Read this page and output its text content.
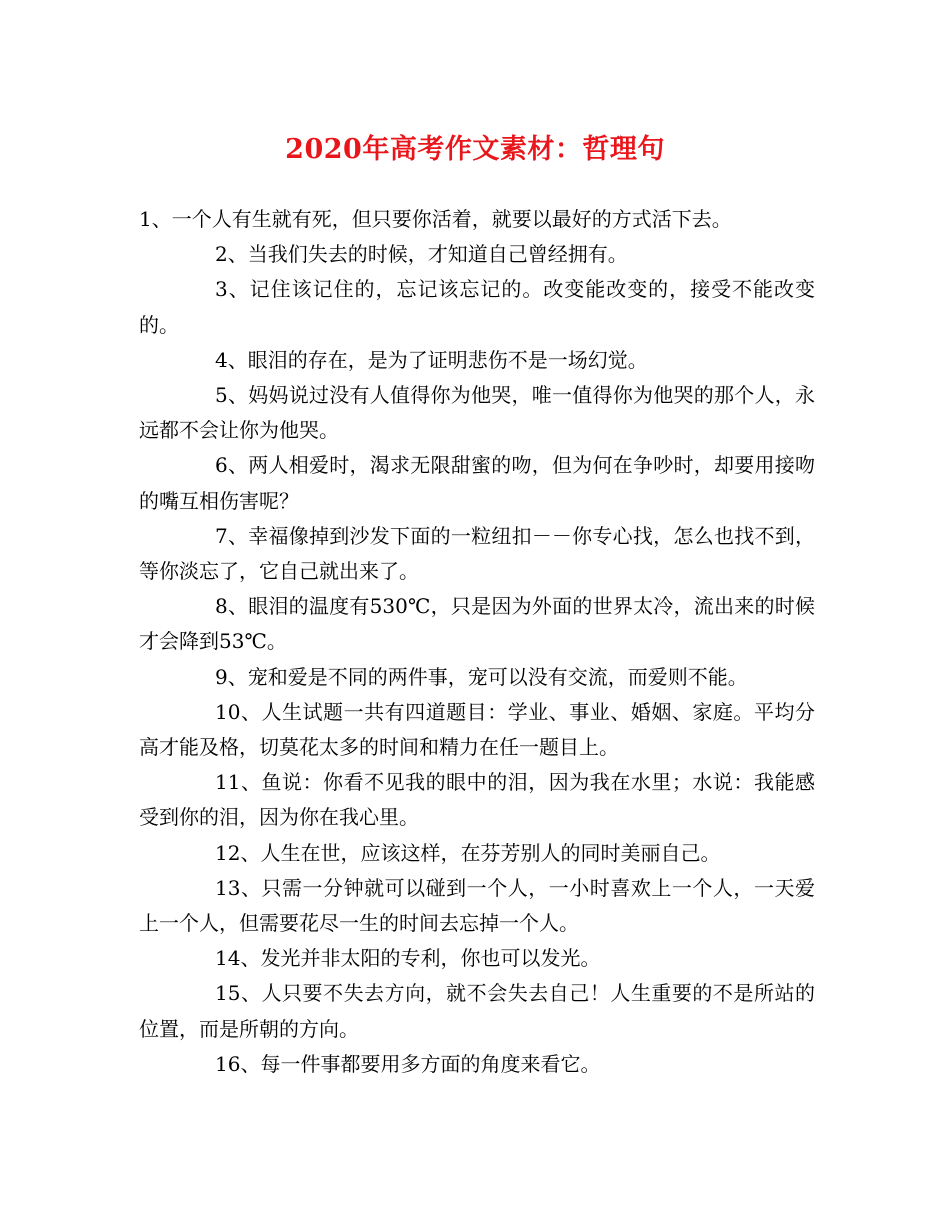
2020年高考作文素材：哲理句

1、一个人有生就有死，但只要你活着，就要以最好的方式活下去。

2、当我们失去的时候，才知道自己曾经拥有。

3、记住该记住的，忘记该忘记的。改变能改变的，接受不能改变的。

4、眼泪的存在，是为了证明悲伤不是一场幻觉。

5、妈妈说过没有人值得你为他哭，唯一值得你为他哭的那个人，永远都不会让你为他哭。

6、两人相爱时，渴求无限甜蜜的吻，但为何在争吵时，却要用接吻的嘴互相伤害呢？

7、幸福像掉到沙发下面的一粒纽扣－－你专心找，怎么也找不到，等你淡忘了，它自己就出来了。

8、眼泪的温度有530℃，只是因为外面的世界太冷，流出来的时候才会降到53℃。

9、宠和爱是不同的两件事，宠可以没有交流，而爱则不能。

10、人生试题一共有四道题目：学业、事业、婚姻、家庭。平均分高才能及格，切莫花太多的时间和精力在任一题目上。

11、鱼说：你看不见我的眼中的泪，因为我在水里；水说：我能感受到你的泪，因为你在我心里。

12、人生在世，应该这样，在芬芳别人的同时美丽自己。

13、只需一分钟就可以碰到一个人，一小时喜欢上一个人，一天爱上一个人，但需要花尽一生的时间去忘掉一个人。

14、发光并非太阳的专利，你也可以发光。

15、人只要不失去方向，就不会失去自己！人生重要的不是所站的位置，而是所朝的方向。

16、每一件事都要用多方面的角度来看它。
